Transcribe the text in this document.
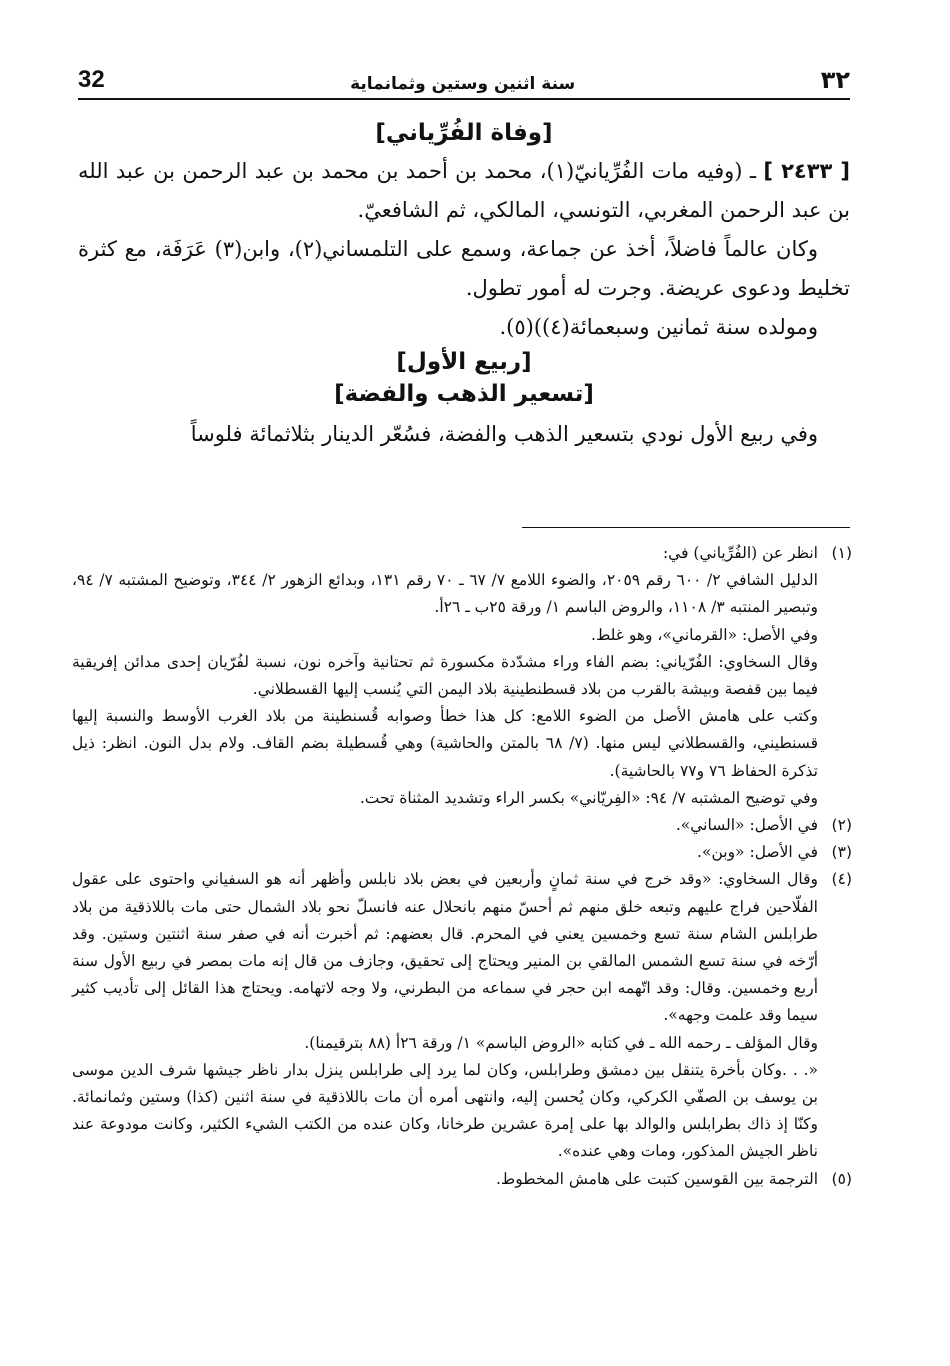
32	سنة اثنين وستين وثمانماية	٣٢

[وفاة الفُرِّياني]

[ ٢٤٣٣ ] ـ (وفيه مات الفُرِّيانيّ(١)، محمد بن أحمد بن محمد بن عبد الرحمن بن عبد الله بن عبد الرحمن المغربي، التونسي، المالكي، ثم الشافعيّ.

وكان عالماً فاضلاً، أخذ عن جماعة، وسمع على التلمساني(٢)، وابن(٣) عَرَفَة، مع كثرة تخليط ودعوى عريضة. وجرت له أمور تطول.

ومولده سنة ثمانين وسبعمائة(٤))(٥).

[ربيع الأول]

[تسعير الذهب والفضة]

وفي ربيع الأول نودي بتسعير الذهب والفضة، فسُعّر الدينار بثلاثمائة فلوساً

(١)

انظر عن (الفُرِّياني) في:

الدليل الشافي ٢/ ٦٠٠ رقم ٢٠٥٩، والضوء اللامع ٧/ ٦٧ ـ ٧٠ رقم ١٣١، وبدائع الزهور ٢/ ٣٤٤، وتوضيح المشتبه ٧/ ٩٤، وتبصير المنتبه ٣/ ١١٠٨، والروض الباسم ١/ ورقة ٢٥ب ـ ٢٦أ.

وفي الأصل: «القرماني»، وهو غلط.

وقال السخاوي: الفُرّياني: بضم الفاء وراء مشدّدة مكسورة ثم تحتانية وآخره نون، نسبة لفُرّيان إحدى مدائن إفريقية فيما بين قفصة وبيشة بالقرب من بلاد قسطنطينية بلاد اليمن التي يُنسب إليها القسطلاني.

وكتب على هامش الأصل من الضوء اللامع: كل هذا خطأ وصوابه قُسنطينة من بلاد الغرب الأوسط والنسبة إليها قسنطيني، والقسطلاني ليس منها. (٧/ ٦٨ بالمتن والحاشية) وهي قُسطيلة بضم القاف. ولام بدل النون. انظر: ذيل تذكرة الحفاظ ٧٦ و٧٧ بالحاشية).

وفي توضيح المشتبه ٧/ ٩٤: «الفِريّاني» بكسر الراء وتشديد المثناة تحت.

(٢)

في الأصل: «الساني».

(٣)

في الأصل: «وبن».

(٤)

وقال السخاوي: «وقد خرج في سنة ثمانٍ وأربعين في بعض بلاد نابلس وأظهر أنه هو السفياني واحتوى على عقول الفلّاحين فراج عليهم وتبعه خلق منهم ثم أحسّ منهم بانحلال عنه فانسلّ نحو بلاد الشمال حتى مات باللاذقية من بلاد طرابلس الشام سنة تسع وخمسين يعني في المحرم. قال بعضهم: ثم أخبرت أنه في صفر سنة اثنتين وستين. وقد أرّخه في سنة تسع الشمس المالقي بن المنير ويحتاج إلى تحقيق، وجازف من قال إنه مات بمصر في ربيع الأول سنة أربع وخمسين. وقال: وقد اتّهمه ابن حجر في سماعه من البطرني، ولا وجه لاتهامه. ويحتاج هذا القائل إلى تأديب كثير سيما وقد علمت وجهه».

وقال المؤلف ـ رحمه الله ـ في كتابه «الروض الباسم» ١/ ورقة ٢٦أ (٨٨ بترقيمنا).

«. . .وكان بأخرة يتنقل بين دمشق وطرابلس، وكان لما يرد إلى طرابلس ينزل بدار ناظر جيشها شرف الدين موسى بن يوسف بن الصفّي الكركي، وكان يُحسن إليه، وانتهى أمره أن مات باللاذقية في سنة اثنين (كذا) وستين وثمانمائة. وكنّا إذ ذاك بطرابلس والوالد بها على إمرة عشرين طرخانا، وكان عنده من الكتب الشيء الكثير، وكانت مودوعة عند ناظر الجيش المذكور، ومات وهي عنده».

(٥)

الترجمة بين القوسين كتبت على هامش المخطوط.
